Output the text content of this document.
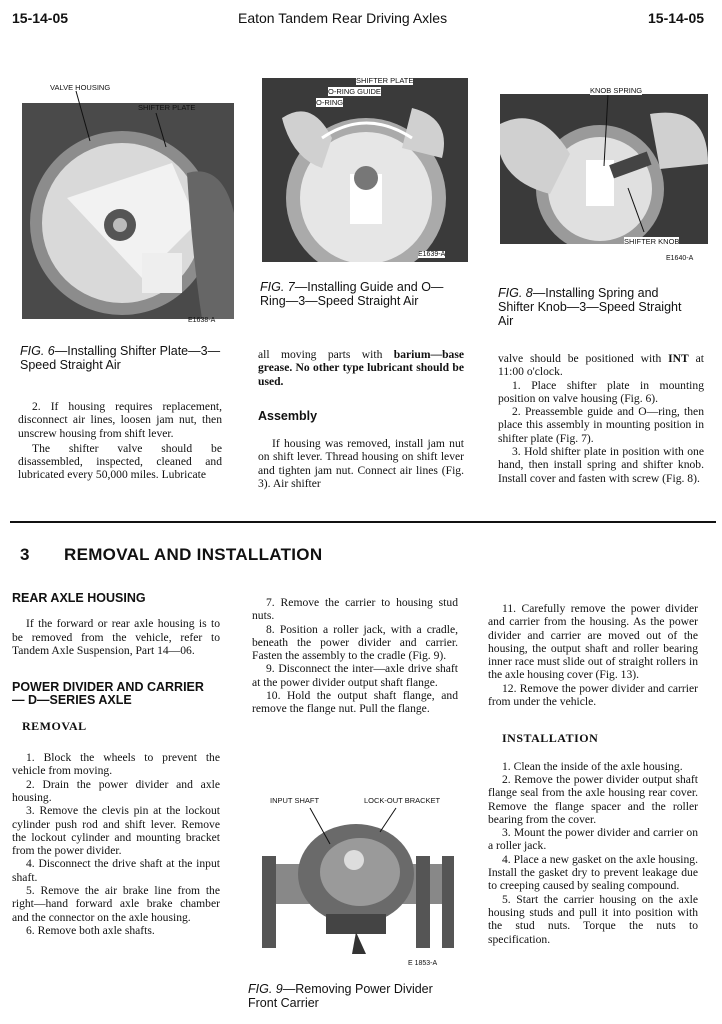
15-14-05	Eaton Tandem Rear Driving Axles	15-14-05
VALVE HOUSING
SHIFTER PLATE
E1638-A
FIG. 6—Installing Shifter Plate—3—Speed Straight Air
SHIFTER PLATE
O-RING GUIDE
O-RING
E1639-A
FIG. 7—Installing Guide and O—Ring—3—Speed Straight Air
KNOB SPRING
SHIFTER KNOB
E1640-A
FIG. 8—Installing Spring and Shifter Knob—3—Speed Straight Air

2. If housing requires replacement, disconnect air lines, loosen jam nut, then unscrew housing from shift lever.

The shifter valve should be disassembled, inspected, cleaned and lubricated every 50,000 miles. Lubricate

all moving parts with barium—base grease. No other type lubricant should be used.

Assembly

If housing was removed, install jam nut on shift lever. Thread housing on shift lever and tighten jam nut. Connect air lines (Fig. 3). Air shifter

valve should be positioned with INT at 11:00 o'clock.

1. Place shifter plate in mounting position on valve housing (Fig. 6).

2. Preassemble guide and O—ring, then place this assembly in mounting position in shifter plate (Fig. 7).

3. Hold shifter plate in position with one hand, then install spring and shifter knob. Install cover and fasten with screw (Fig. 8).

3 REMOVAL AND INSTALLATION
REAR AXLE HOUSING

If the forward or rear axle housing is to be removed from the vehicle, refer to Tandem Axle Suspension, Part 14—06.

POWER DIVIDER AND CARRIER
— D—SERIES AXLE
REMOVAL

1. Block the wheels to prevent the vehicle from moving.

2. Drain the power divider and axle housing.

3. Remove the clevis pin at the lockout cylinder push rod and shift lever. Remove the lockout cylinder and mounting bracket from the power divider.

4. Disconnect the drive shaft at the input shaft.

5. Remove the air brake line from the right—hand forward axle brake chamber and the connector on the axle housing.

6. Remove both axle shafts.

7. Remove the carrier to housing stud nuts.

8. Position a roller jack, with a cradle, beneath the power divider and carrier. Fasten the assembly to the cradle (Fig. 9).

9. Disconnect the inter—axle drive shaft at the power divider output shaft flange.

10. Hold the output shaft flange, and remove the flange nut. Pull the flange.

INPUT SHAFT	LOCK-OUT BRACKET
E 1853-A
FIG. 9—Removing Power Divider Front Carrier

11. Carefully remove the power divider and carrier from the housing. As the power divider and carrier are moved out of the housing, the output shaft and roller bearing inner race must slide out of straight rollers in the axle housing cover (Fig. 13).

12. Remove the power divider and carrier from under the vehicle.

INSTALLATION

1. Clean the inside of the axle housing.

2. Remove the power divider output shaft flange seal from the axle housing rear cover. Remove the flange spacer and the roller bearing from the cover.

3. Mount the power divider and carrier on a roller jack.

4. Place a new gasket on the axle housing. Install the gasket dry to prevent leakage due to creeping caused by sealing compound.

5. Start the carrier housing on the axle housing studs and pull it into position with the stud nuts. Torque the nuts to specification.
